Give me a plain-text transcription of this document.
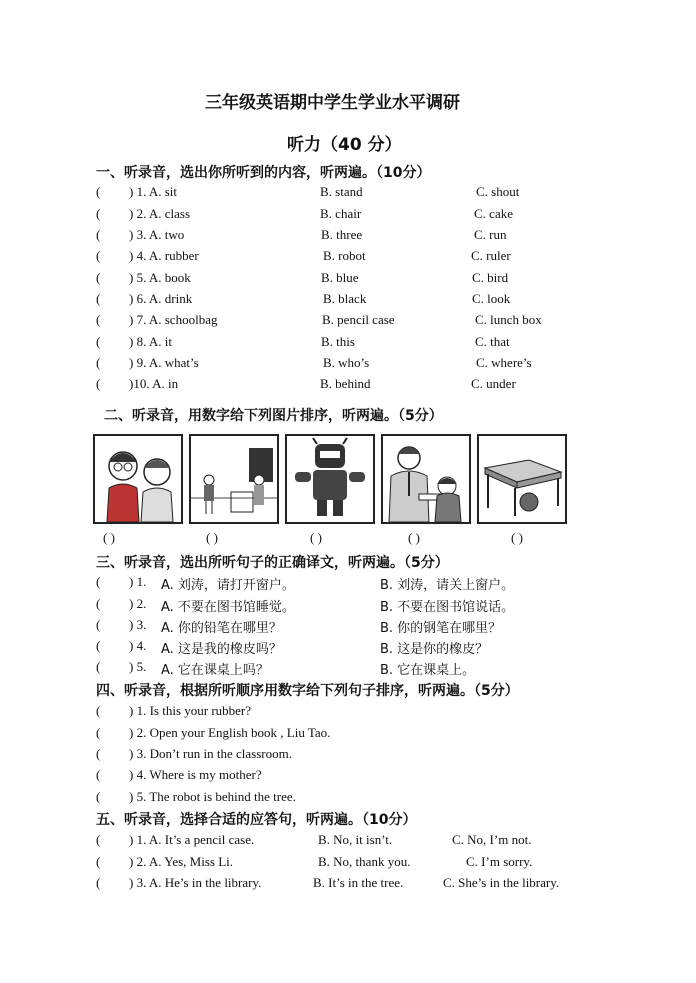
三年级英语期中学生学业水平调研
听力（40 分）
一、听录音，选出你所听到的内容，听两遍。（10分）
( ) 1. A. sit	B. stand	C. shout
( ) 2. A. class	B. chair	C. cake
( ) 3. A. two	B. three	C. run
( ) 4. A. rubber	B. robot	C. ruler
( ) 5. A. book	B. blue	C. bird
( ) 6. A. drink	B. black	C. look
( ) 7. A. schoolbag	B. pencil case	C. lunch box
( ) 8. A. it	B. this	C. that
( ) 9. A. what’s	B. who’s	C. where’s
( )10. A. in	B. behind	C. under
二、听录音，用数字给下列图片排序，听两遍。（5分）
( )	( )	( )	( )	( )
三、听录音，选出所听句子的正确译文，听两遍。（5分）
( ) 1. A. 刘涛，请打开窗户。	B. 刘涛，请关上窗户。
( ) 2. A. 不要在图书馆睡觉。	B. 不要在图书馆说话。
( ) 3. A. 你的铅笔在哪里？	B. 你的钢笔在哪里？
( ) 4. A. 这是我的橡皮吗？	B. 这是你的橡皮？
( ) 5. A. 它在课桌上吗？	B. 它在课桌上。
四、听录音，根据所听顺序用数字给下列句子排序，听两遍。（5分）
( ) 1. Is this your rubber?
( ) 2. Open your English book , Liu Tao.
( ) 3. Don’t run in the classroom.
( ) 4. Where is my mother?
( ) 5. The robot is behind the tree.
五、听录音，选择合适的应答句，听两遍。（10分）
( ) 1. A. It’s a pencil case.	B. No, it isn’t.	C. No, I’m not.
( ) 2. A. Yes, Miss Li.	B. No, thank you.	C. I’m sorry.
( ) 3. A. He’s in the library.	B. It’s in the tree.	C. She’s in the library.
